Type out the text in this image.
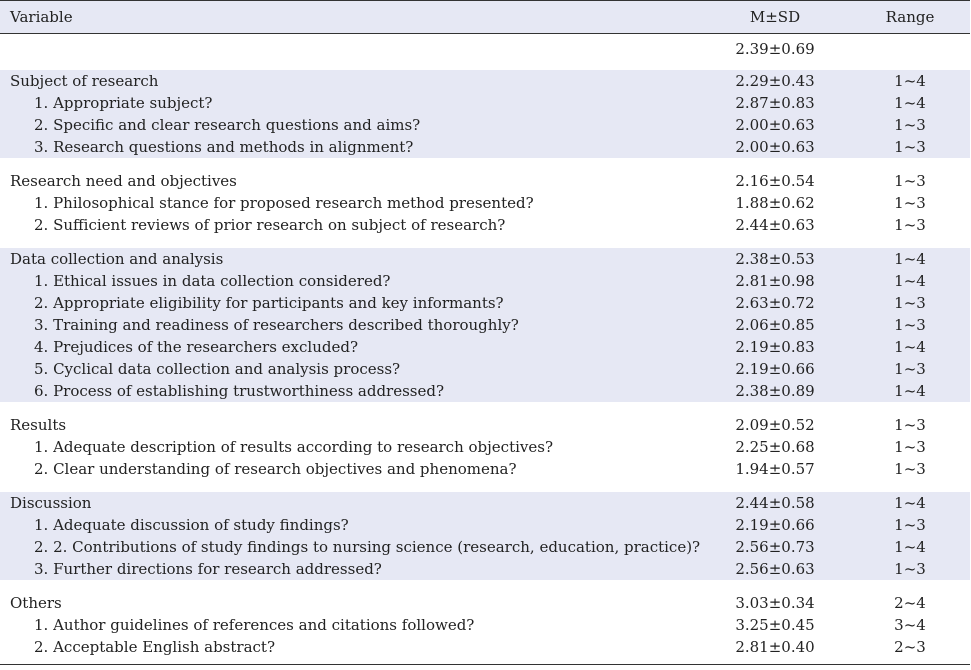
Variable	M±SD	Range
	2.39±0.69	

Subject of research	2.29±0.43	1~4
1. Appropriate subject?	2.87±0.83	1~4
2. Specific and clear research questions and aims?	2.00±0.63	1~3
3. Research questions and methods in alignment?	2.00±0.63	1~3

Research need and objectives	2.16±0.54	1~3
1. Philosophical stance for proposed research method presented?	1.88±0.62	1~3
2. Sufficient reviews of prior research on subject of research?	2.44±0.63	1~3

Data collection and analysis	2.38±0.53	1~4
1. Ethical issues in data collection considered?	2.81±0.98	1~4
2. Appropriate eligibility for participants and key informants?	2.63±0.72	1~3
3. Training and readiness of researchers described thoroughly?	2.06±0.85	1~3
4. Prejudices of the researchers excluded?	2.19±0.83	1~4
5. Cyclical data collection and analysis process?	2.19±0.66	1~3
6. Process of establishing trustworthiness addressed?	2.38±0.89	1~4

Results	2.09±0.52	1~3
1. Adequate description of results according to research objectives?	2.25±0.68	1~3
2. Clear understanding of research objectives and phenomena?	1.94±0.57	1~3

Discussion	2.44±0.58	1~4
1. Adequate discussion of study findings?	2.19±0.66	1~3
2. 2. Contributions of study findings to nursing science (research, education, practice)?	2.56±0.73	1~4
3. Further directions for research addressed?	2.56±0.63	1~3

Others	3.03±0.34	2~4
1. Author guidelines of references and citations followed?	3.25±0.45	3~4
2. Acceptable English abstract?	2.81±0.40	2~3
